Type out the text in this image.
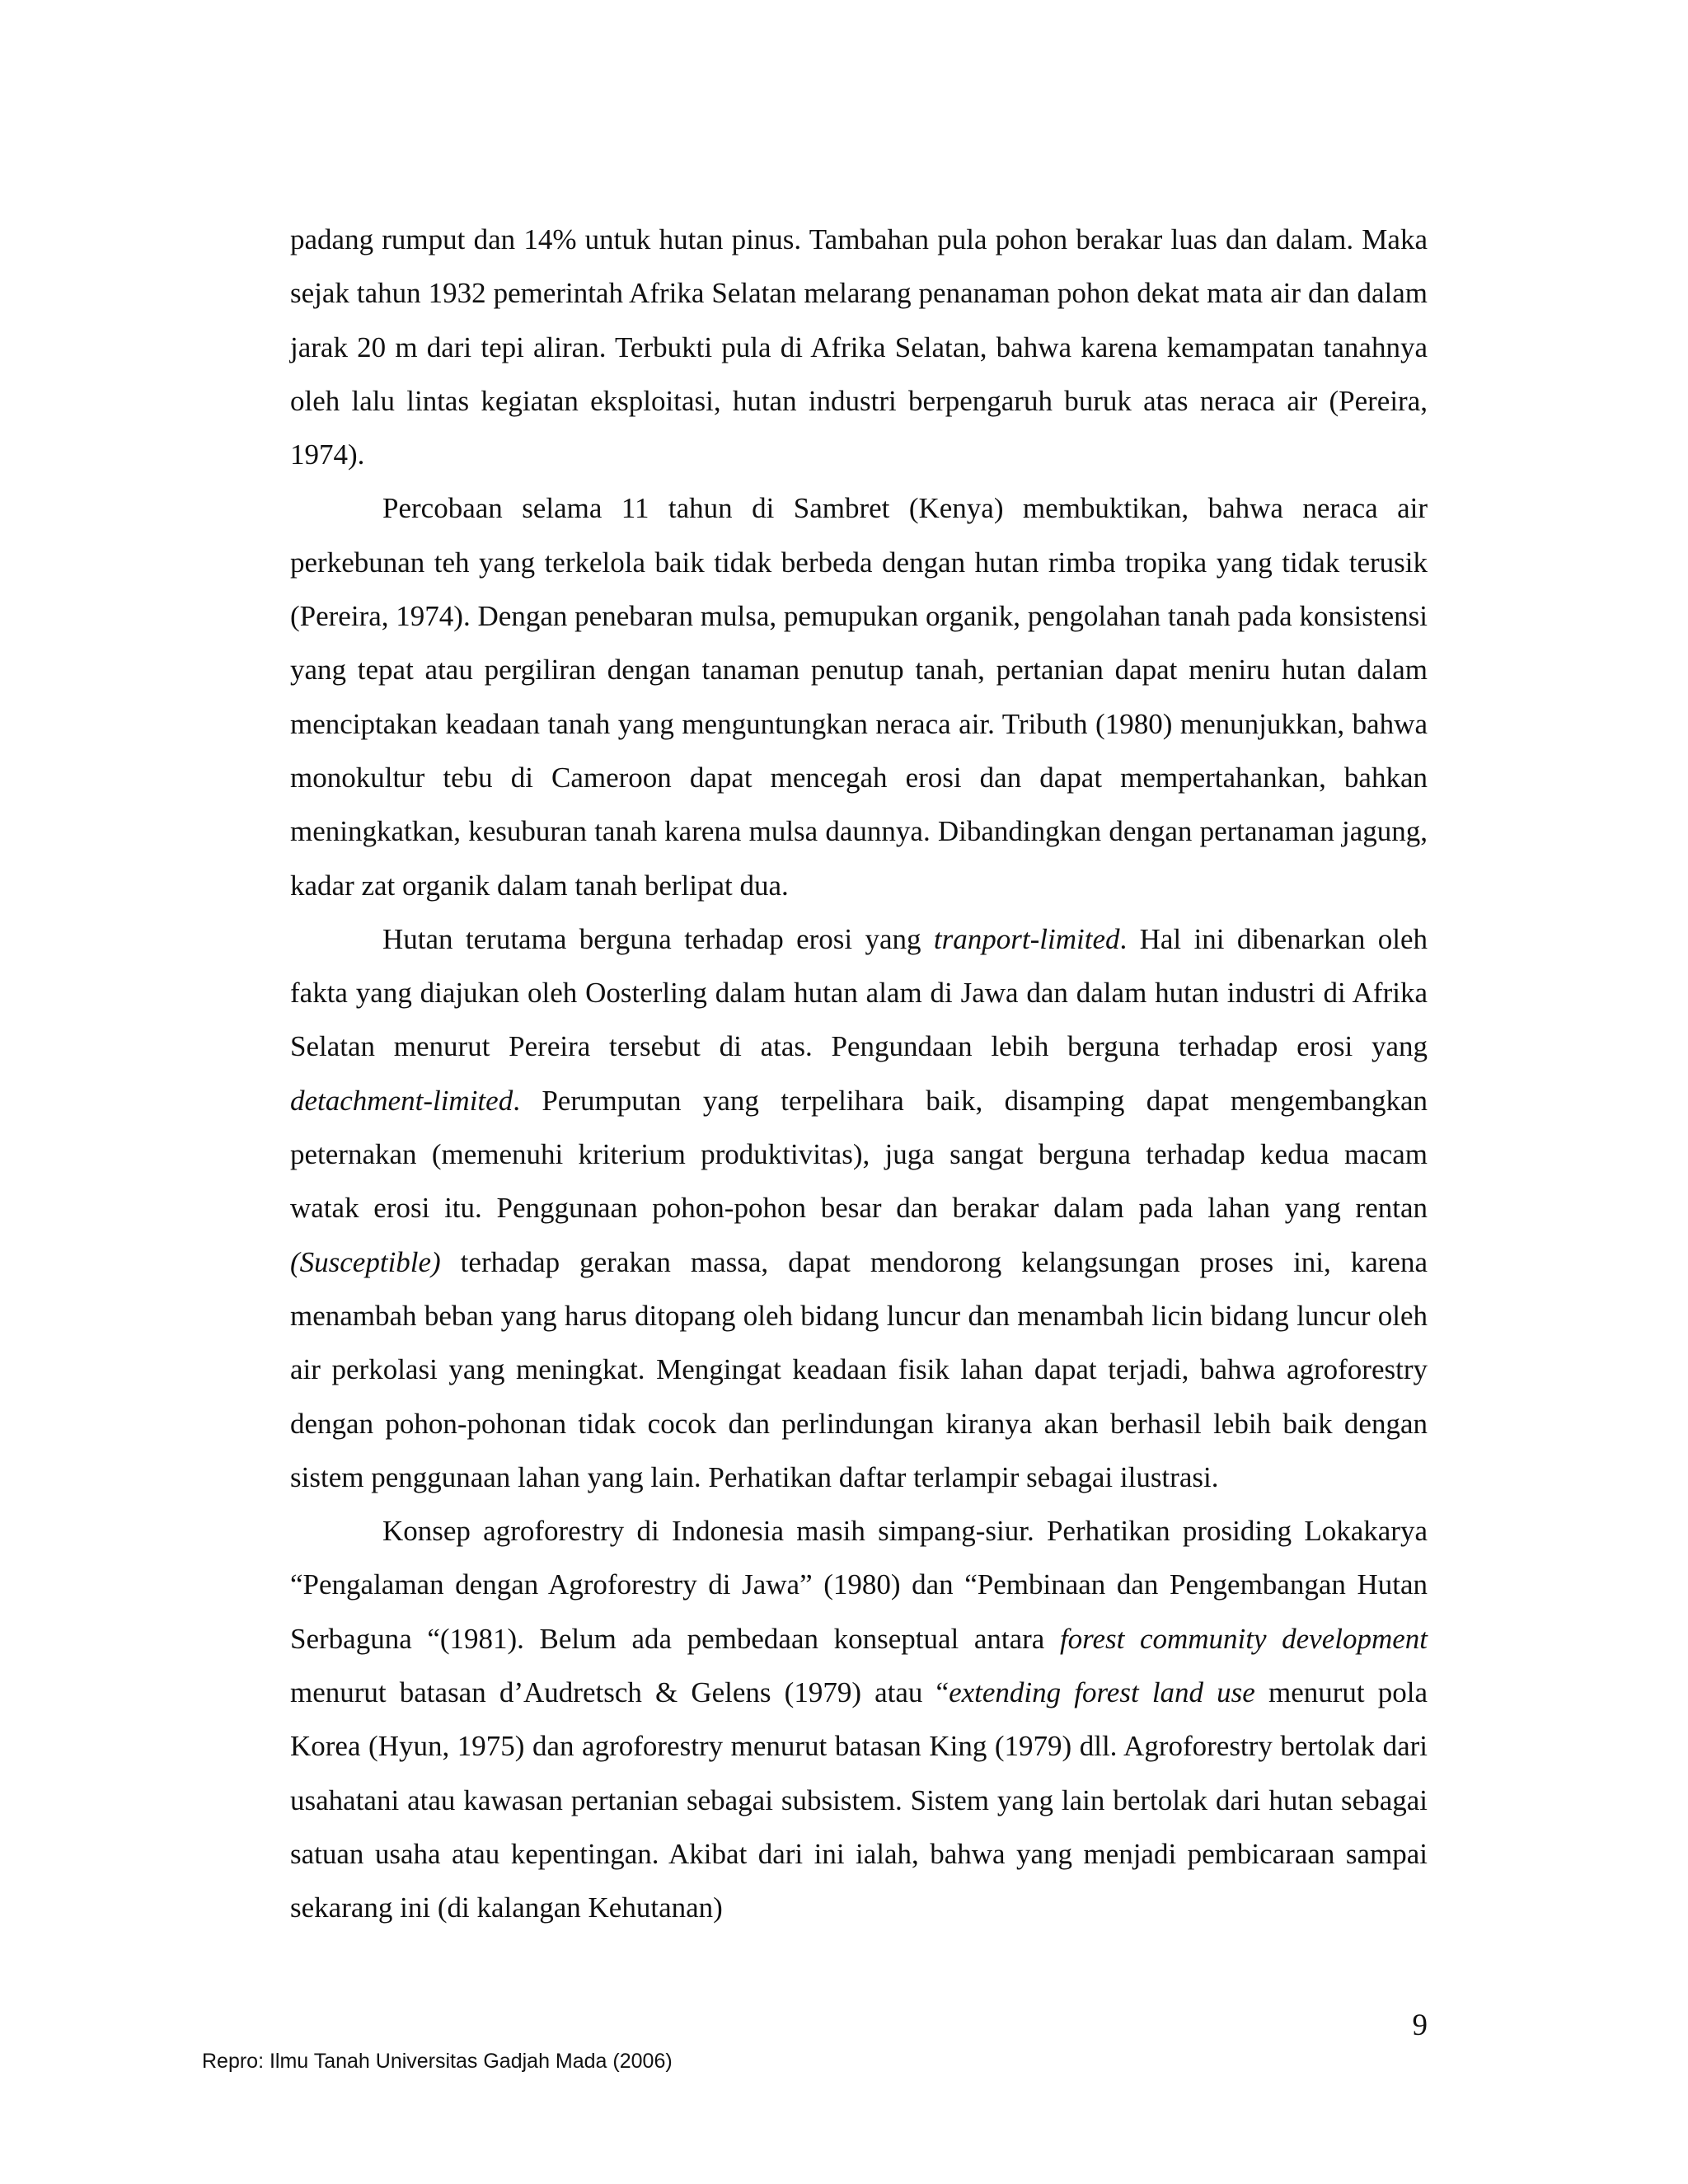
padang rumput dan 14% untuk hutan pinus. Tambahan pula pohon berakar luas dan dalam. Maka sejak tahun 1932 pemerintah Afrika Selatan melarang penanaman pohon dekat mata air dan dalam jarak 20 m dari tepi aliran. Terbukti pula di Afrika Selatan, bahwa karena kemampatan tanahnya oleh lalu lintas kegiatan eksploitasi, hutan industri berpengaruh buruk atas neraca air (Pereira, 1974).

Percobaan selama 11 tahun di Sambret (Kenya) membuktikan, bahwa neraca air perkebunan teh yang terkelola baik tidak berbeda dengan hutan rimba tropika yang tidak terusik (Pereira, 1974). Dengan penebaran mulsa, pemupukan organik, pengolahan tanah pada konsistensi yang tepat atau pergiliran dengan tanaman penutup tanah, pertanian dapat meniru hutan dalam menciptakan keadaan tanah yang menguntungkan neraca air. Tributh (1980) menunjukkan, bahwa monokultur tebu di Cameroon dapat mencegah erosi dan dapat mempertahankan, bahkan meningkatkan, kesuburan tanah karena mulsa daunnya. Dibandingkan dengan pertanaman jagung, kadar zat organik dalam tanah berlipat dua.

Hutan terutama berguna terhadap erosi yang tranport-limited. Hal ini dibenarkan oleh fakta yang diajukan oleh Oosterling dalam hutan alam di Jawa dan dalam hutan industri di Afrika Selatan menurut Pereira tersebut di atas. Pengundaan lebih berguna terhadap erosi yang detachment-limited. Perumputan yang terpelihara baik, disamping dapat mengembangkan peternakan (memenuhi kriterium produktivitas), juga sangat berguna terhadap kedua macam watak erosi itu. Penggunaan pohon-pohon besar dan berakar dalam pada lahan yang rentan (Susceptible) terhadap gerakan massa, dapat mendorong kelangsungan proses ini, karena menambah beban yang harus ditopang oleh bidang luncur dan menambah licin bidang luncur oleh air perkolasi yang meningkat. Mengingat keadaan fisik lahan dapat terjadi, bahwa agroforestry dengan pohon-pohonan tidak cocok dan perlindungan kiranya akan berhasil lebih baik dengan sistem penggunaan lahan yang lain. Perhatikan daftar terlampir sebagai ilustrasi.

Konsep agroforestry di Indonesia masih simpang-siur. Perhatikan prosiding Lokakarya “Pengalaman dengan Agroforestry di Jawa” (1980) dan “Pembinaan dan Pengembangan Hutan Serbaguna “(1981). Belum ada pembedaan konseptual antara forest community development menurut batasan d’Audretsch & Gelens (1979) atau “extending forest land use menurut pola Korea (Hyun, 1975) dan agroforestry menurut batasan King (1979) dll. Agroforestry bertolak dari usahatani atau kawasan pertanian sebagai subsistem. Sistem yang lain bertolak dari hutan sebagai satuan usaha atau kepentingan. Akibat dari ini ialah, bahwa yang menjadi pembicaraan sampai sekarang ini (di kalangan Kehutanan)

9
Repro: Ilmu Tanah Universitas Gadjah Mada (2006)
